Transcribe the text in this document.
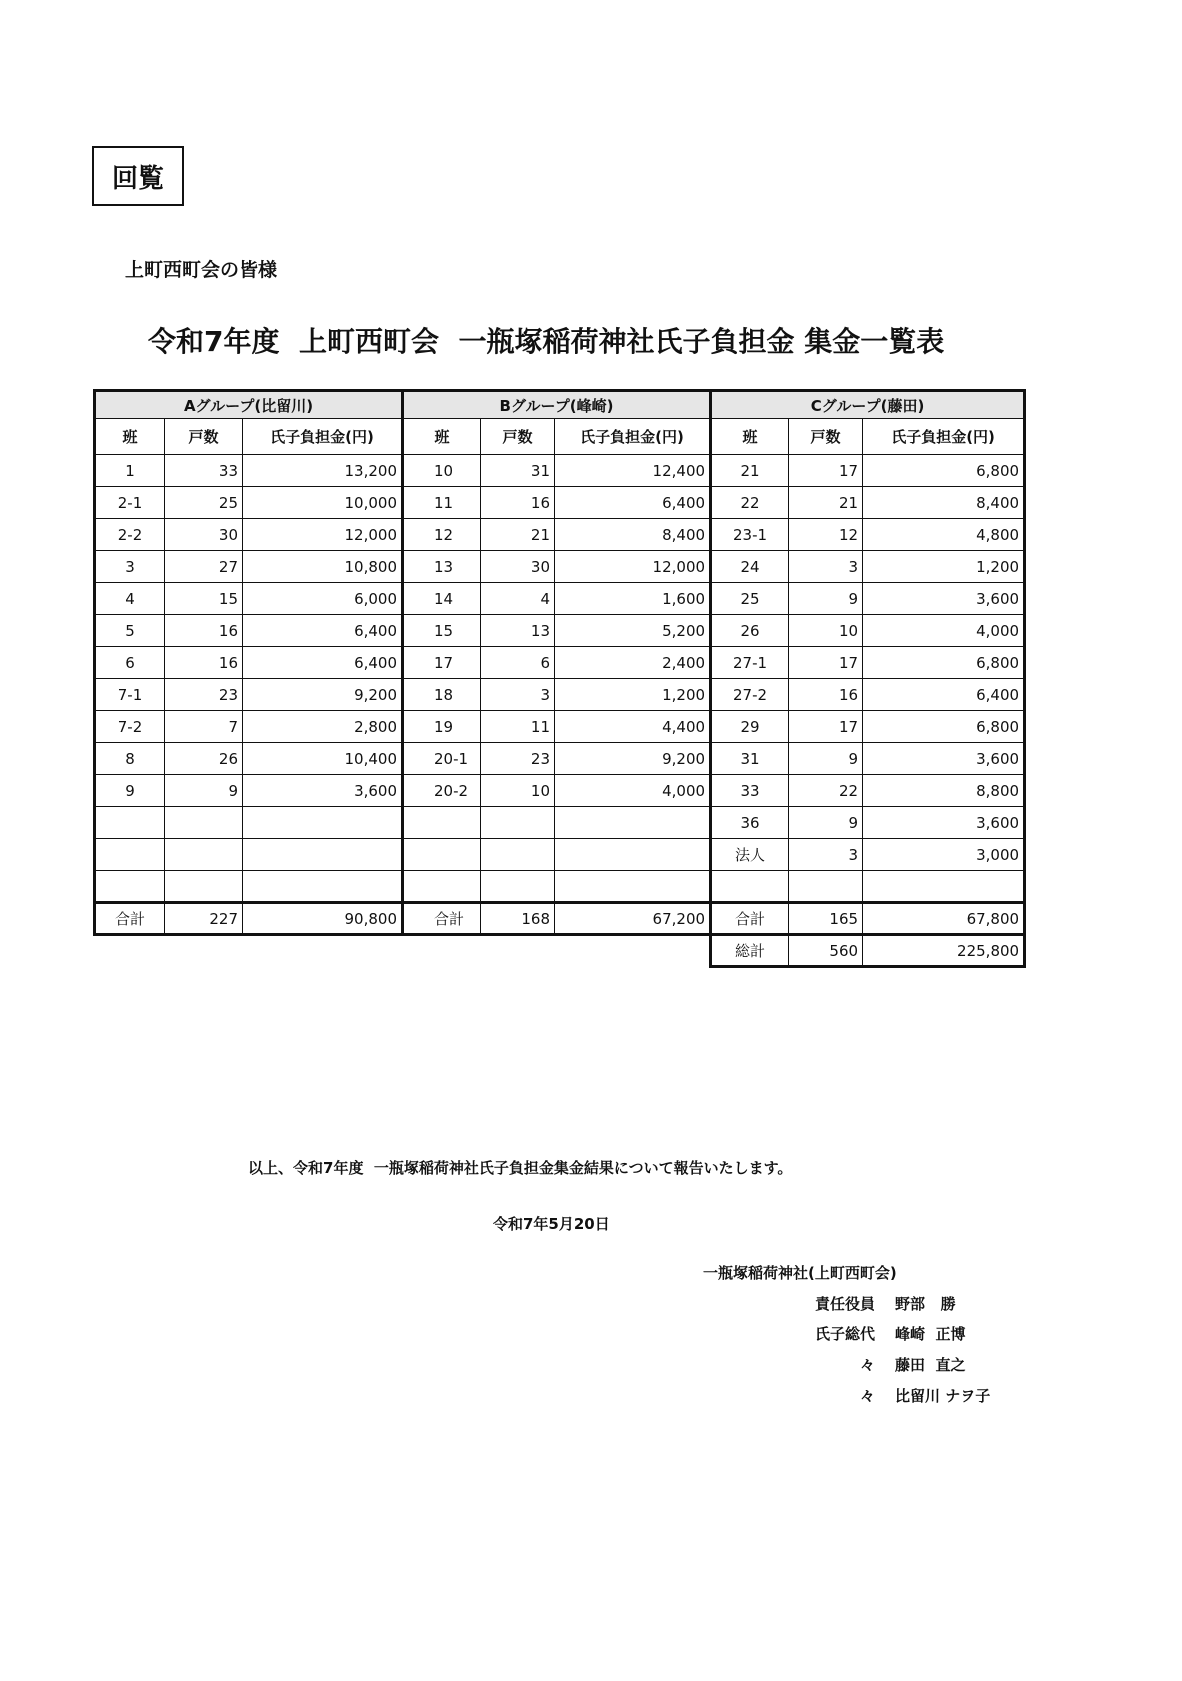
回覧
上町西町会の皆様
令和7年度  上町西町会  一瓶塚稲荷神社氏子負担金 集金一覧表
Aグループ(比留川)			Bグループ(峰崎)			Cグループ(藤田)		
班	戸数	氏子負担金(円)	班	戸数	氏子負担金(円)	班	戸数	氏子負担金(円)
1	33	13,200	10	31	12,400	21	17	6,800
2-1	25	10,000	11	16	6,400	22	21	8,400
2-2	30	12,000	12	21	8,400	23-1	12	4,800
3	27	10,800	13	30	12,000	24	3	1,200
4	15	6,000	14	4	1,600	25	9	3,600
5	16	6,400	15	13	5,200	26	10	4,000
6	16	6,400	17	6	2,400	27-1	17	6,800
7-1	23	9,200	18	3	1,200	27-2	16	6,400
7-2	7	2,800	19	11	4,400	29	17	6,800
8	26	10,400	20-1	23	9,200	31	9	3,600
9	9	3,600	20-2	10	4,000	33	22	8,800
						36	9	3,600
						法人	3	3,000

合計	227	90,800	合計	168	67,200	合計	165	67,800
						総計	560	225,800
以上、令和7年度  一瓶塚稲荷神社氏子負担金集金結果について報告いたします。
令和7年5月20日
一瓶塚稲荷神社(上町西町会)
責任役員 野部   勝
氏子総代 峰崎  正博
々 藤田  直之
々 比留川 ナヲ子
